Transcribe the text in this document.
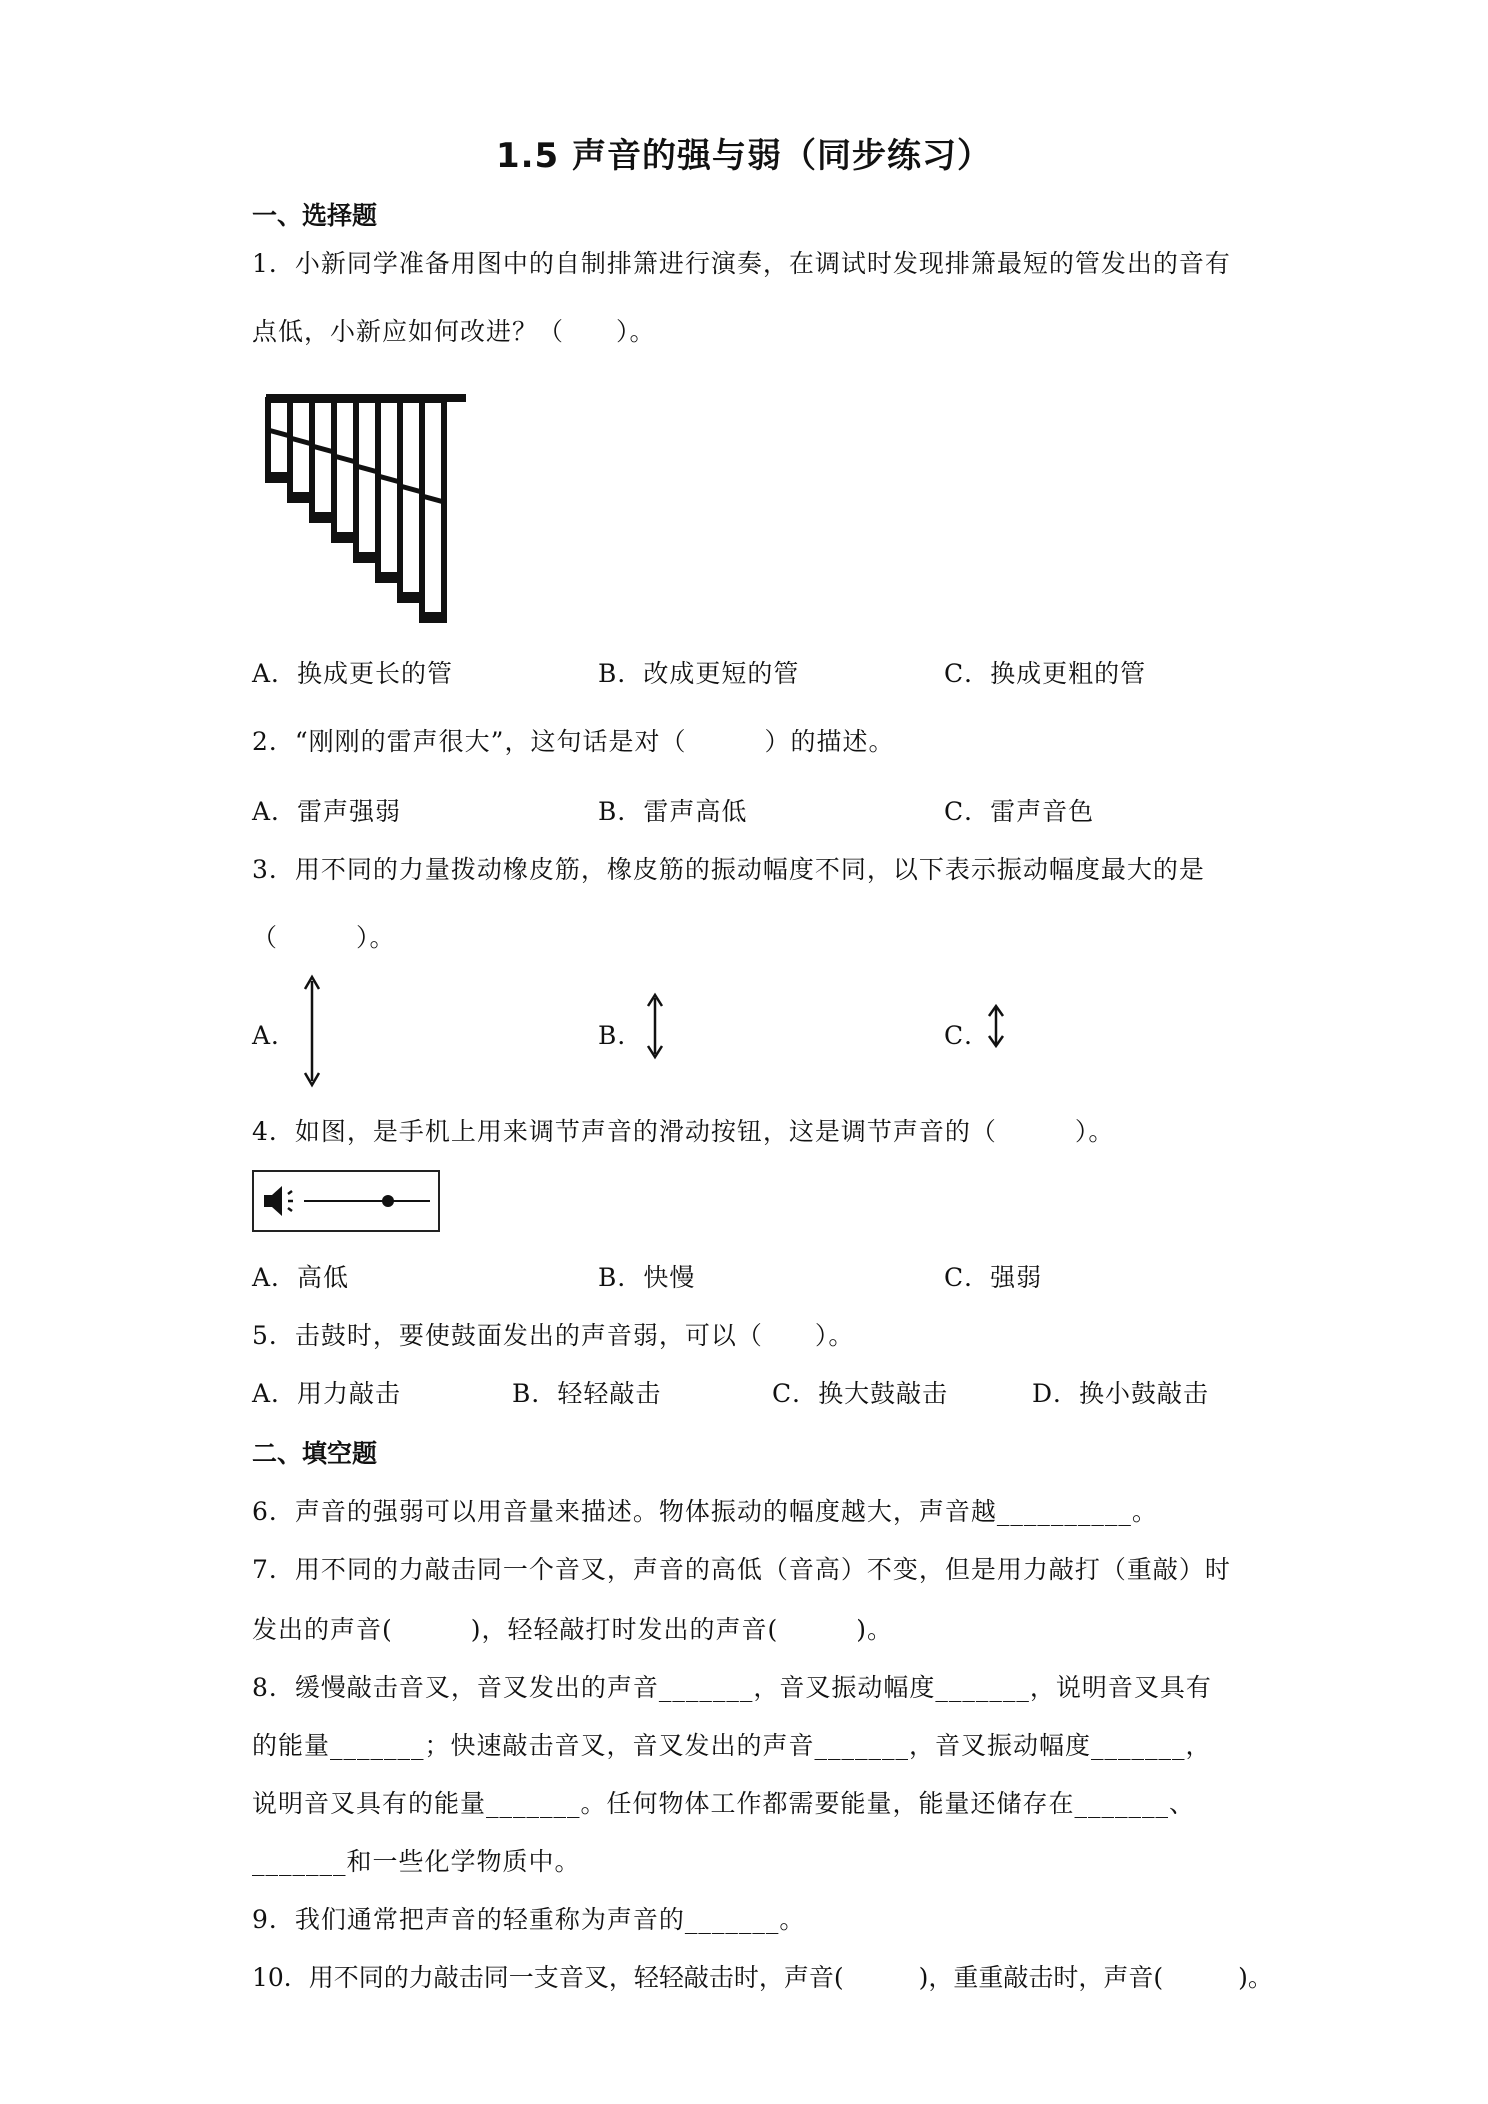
1.5 声音的强与弱（同步练习）
一、选择题
1．小新同学准备用图中的自制排箫进行演奏，在调试时发现排箫最短的管发出的音有
点低，小新应如何改进？（　　）。
A．换成更长的管	B．改成更短的管	C．换成更粗的管
2．“刚刚的雷声很大”，这句话是对（　　　）的描述。
A．雷声强弱	B．雷声高低	C．雷声音色
3．用不同的力量拨动橡皮筋，橡皮筋的振动幅度不同，以下表示振动幅度最大的是
（　　　）。
A．	B．	C．
4．如图，是手机上用来调节声音的滑动按钮，这是调节声音的（　　　）。
A．高低	B．快慢	C．强弱
5．击鼓时，要使鼓面发出的声音弱，可以（　　）。
A．用力敲击	B．轻轻敲击	C．换大鼓敲击	D．换小鼓敲击
二、填空题
6．声音的强弱可以用音量来描述。物体振动的幅度越大，声音越__________。
7．用不同的力敲击同一个音叉，声音的高低（音高）不变，但是用力敲打（重敲）时
发出的声音(　　　)，轻轻敲打时发出的声音(　　　)。
8．缓慢敲击音叉，音叉发出的声音_______，音叉振动幅度_______，说明音叉具有
的能量_______；快速敲击音叉，音叉发出的声音_______，音叉振动幅度_______，
说明音叉具有的能量_______。任何物体工作都需要能量，能量还储存在_______、
_______和一些化学物质中。
9．我们通常把声音的轻重称为声音的_______。
10．用不同的力敲击同一支音叉，轻轻敲击时，声音(　　　)，重重敲击时，声音(　　　)。
